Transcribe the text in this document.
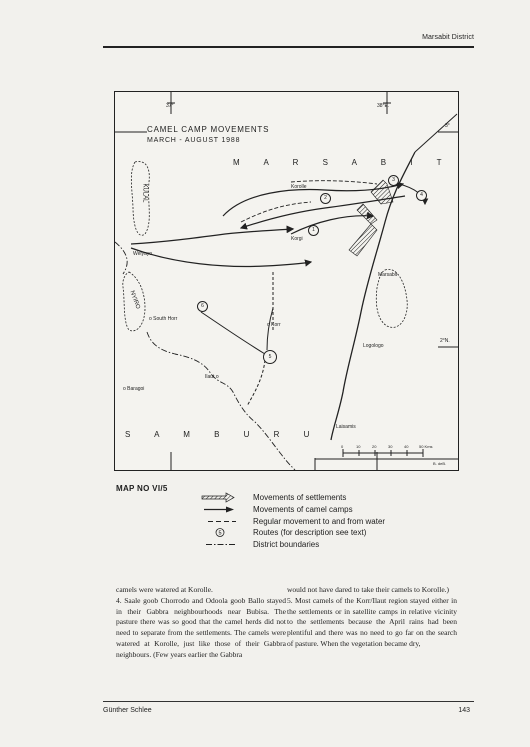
Marsabit District
37°	38°E.
3°
2°N.
CAMEL CAMP MOVEMENTS
MARCH - AUGUST 1988
M A R S A B I T
S A M B U R U
KULAL
NYIRO
Korolle
o Korr
Korgi
Welyayo
o South Horr
o Baragoi
Ilaut o
Marsabit
Logologo
Laisamis
1
2
3
4
5
6
0	10	20	30	40	50 Kms
B. deB.
MAP NO VI/5
Movements of settlements
Movements of camel camps
Regular movement to and from water
5	Routes (for description see text)
District boundaries

camels were watered at Korolle.

4. Saale goob Chorrodo and Odoola goob Ballo stayed in their Gabbra neighbourhoods near Bubisa. The pasture there was so good that the camel herds did not need to separate from the settlements. The camels were watered at Korolle, just like those of their Gabbra neighbours. (Few years earlier the Gabbra

would not have dared to take their camels to Korolle.)

5. Most camels of the Korr/Ilaut region stayed either in the settlements or in satellite camps in relative vicinity to the settlements because the April rains had been plentiful and there was no need to go far on the search of pasture. When the vegetation became dry,

Günther Schlee	143
